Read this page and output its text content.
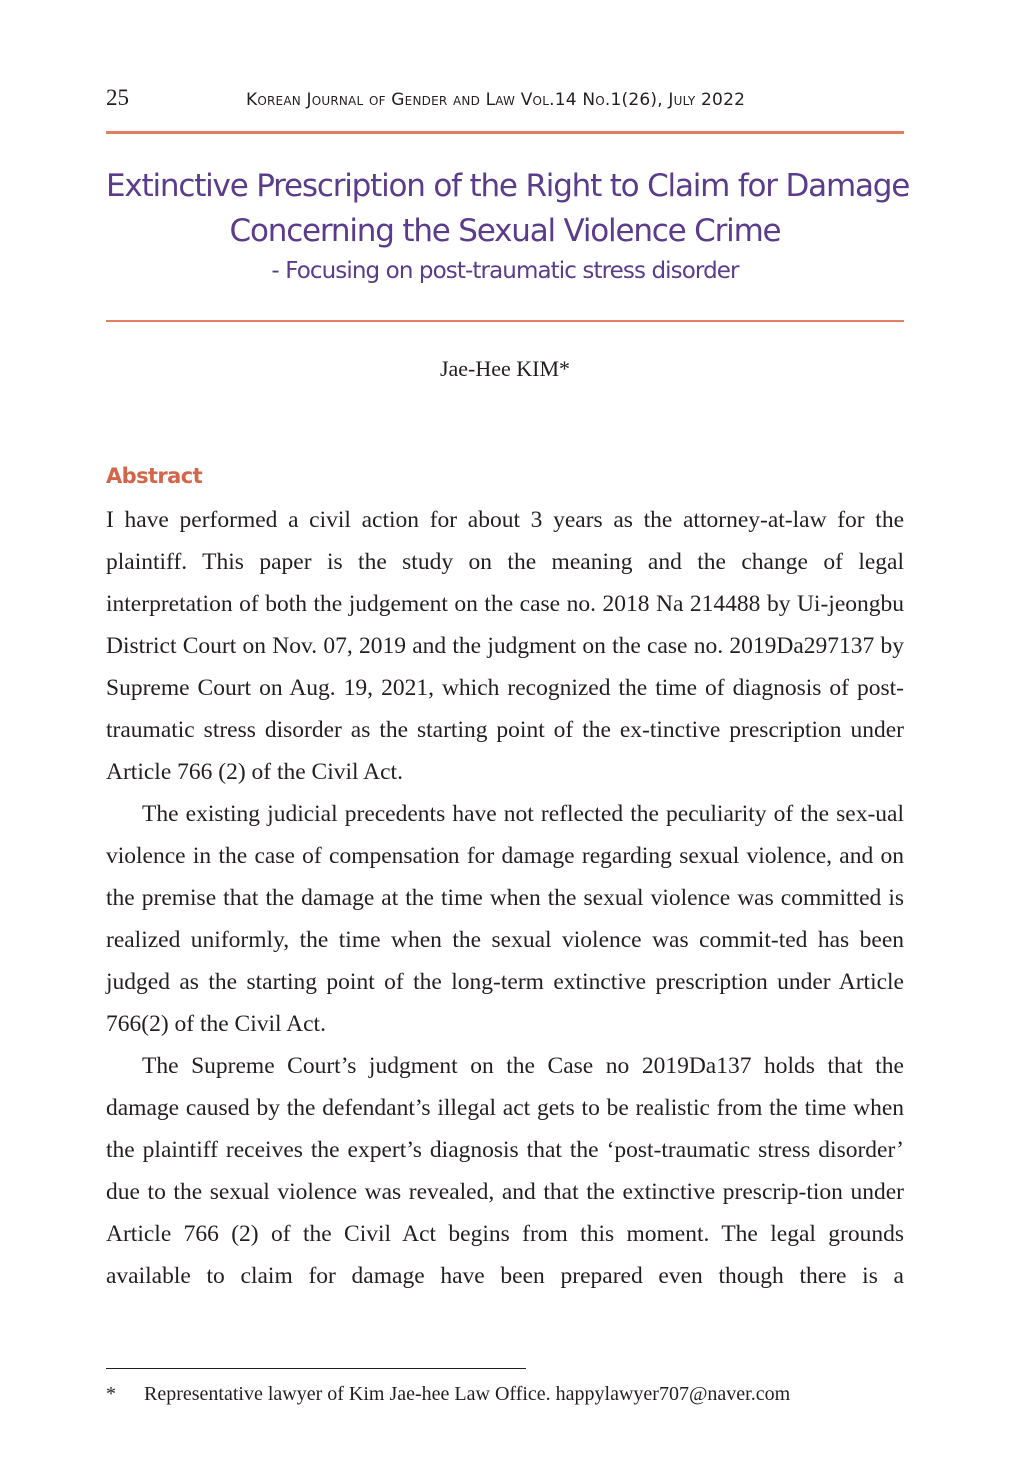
25	Korean Journal of Gender and Law Vol.14 No.1(26), July 2022
Extinctive Prescription of the Right to Claim for Damage
Concerning the Sexual Violence Crime
- Focusing on post-traumatic stress disorder
Jae-Hee KIM*
Abstract

I have performed a civil action for about 3 years as the attorney-at-law for the plaintiff. This paper is the study on the meaning and the change of legal interpretation of both the judgement on the case no. 2018 Na 214488 by Ui-jeongbu District Court on Nov. 07, 2019 and the judgment on the case no. 2019Da297137 by Supreme Court on Aug. 19, 2021, which recognized the time of diagnosis of post-traumatic stress disorder as the starting point of the ex-tinctive prescription under Article 766 (2) of the Civil Act.

The existing judicial precedents have not reflected the peculiarity of the sex-ual violence in the case of compensation for damage regarding sexual violence, and on the premise that the damage at the time when the sexual violence was committed is realized uniformly, the time when the sexual violence was commit-ted has been judged as the starting point of the long-term extinctive prescription under Article 766(2) of the Civil Act.

The Supreme Court’s judgment on the Case no 2019Da137 holds that the damage caused by the defendant’s illegal act gets to be realistic from the time when the plaintiff receives the expert’s diagnosis that the ‘post-traumatic stress disorder’ due to the sexual violence was revealed, and that the extinctive prescrip-tion under Article 766 (2) of the Civil Act begins from this moment. The legal grounds available to claim for damage have been prepared even though there is a

* Representative lawyer of Kim Jae-hee Law Office. happylawyer707@naver.com
